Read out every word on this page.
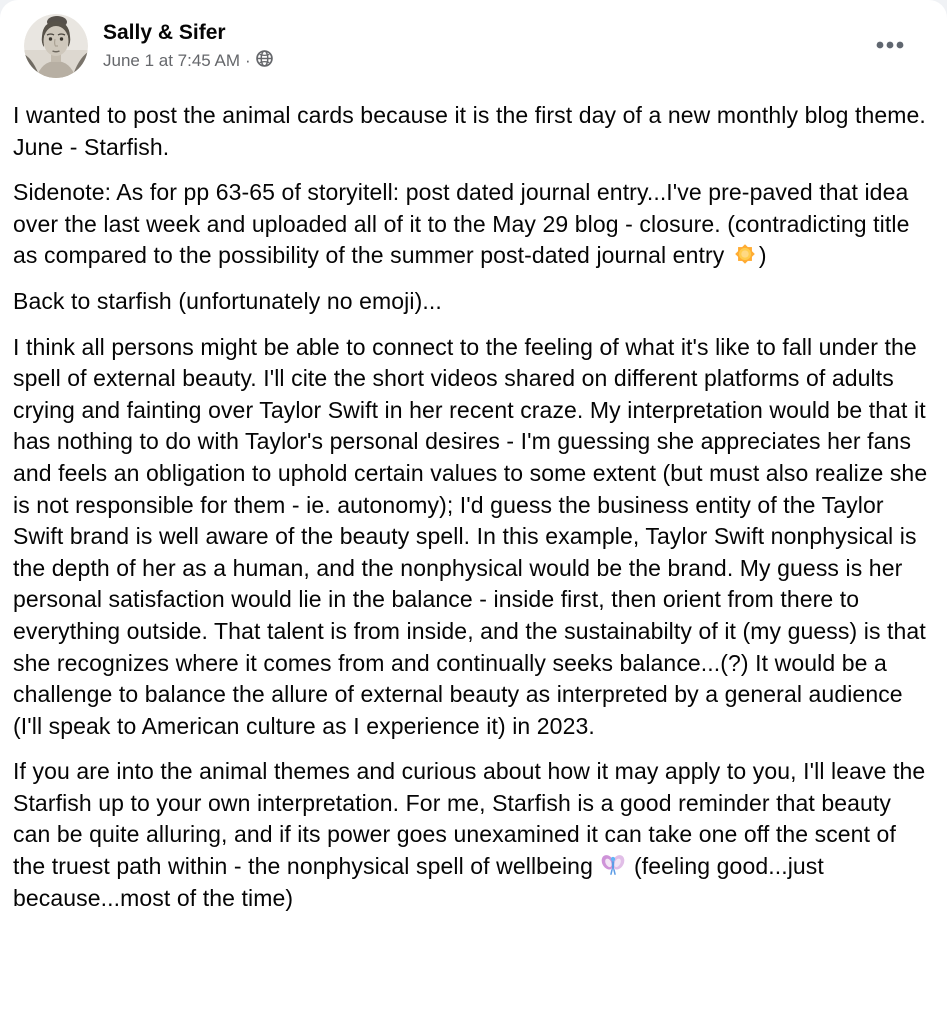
Sally & Sifer
June 1 at 7:45 AM ·

I wanted to post the animal cards because it is the first day of a new monthly blog theme. June - Starfish.

Sidenote: As for pp 63-65 of storyitell: post dated journal entry...I've pre-paved that idea over the last week and uploaded all of it to the May 29 blog - closure. (contradicting title as compared to the possibility of the summer post-dated journal entry )

Back to starfish (unfortunately no emoji)...

I think all persons might be able to connect to the feeling of what it's like to fall under the spell of external beauty. I'll cite the short videos shared on different platforms of adults crying and fainting over Taylor Swift in her recent craze. My interpretation would be that it has nothing to do with Taylor's personal desires - I'm guessing she appreciates her fans and feels an obligation to uphold certain values to some extent (but must also realize she is not responsible for them - ie. autonomy); I'd guess the business entity of the Taylor Swift brand is well aware of the beauty spell. In this example, Taylor Swift nonphysical is the depth of her as a human, and the nonphysical would be the brand. My guess is her personal satisfaction would lie in the balance - inside first, then orient from there to everything outside. That talent is from inside, and the sustainabilty of it (my guess) is that she recognizes where it comes from and continually seeks balance...(?) It would be a challenge to balance the allure of external beauty as interpreted by a general audience (I'll speak to American culture as I experience it) in 2023.

If you are into the animal themes and curious about how it may apply to you, I'll leave the Starfish up to your own interpretation. For me, Starfish is a good reminder that beauty can be quite alluring, and if its power goes unexamined it can take one off the scent of the truest path within - the nonphysical spell of wellbeing  (feeling good...just because...most of the time)
